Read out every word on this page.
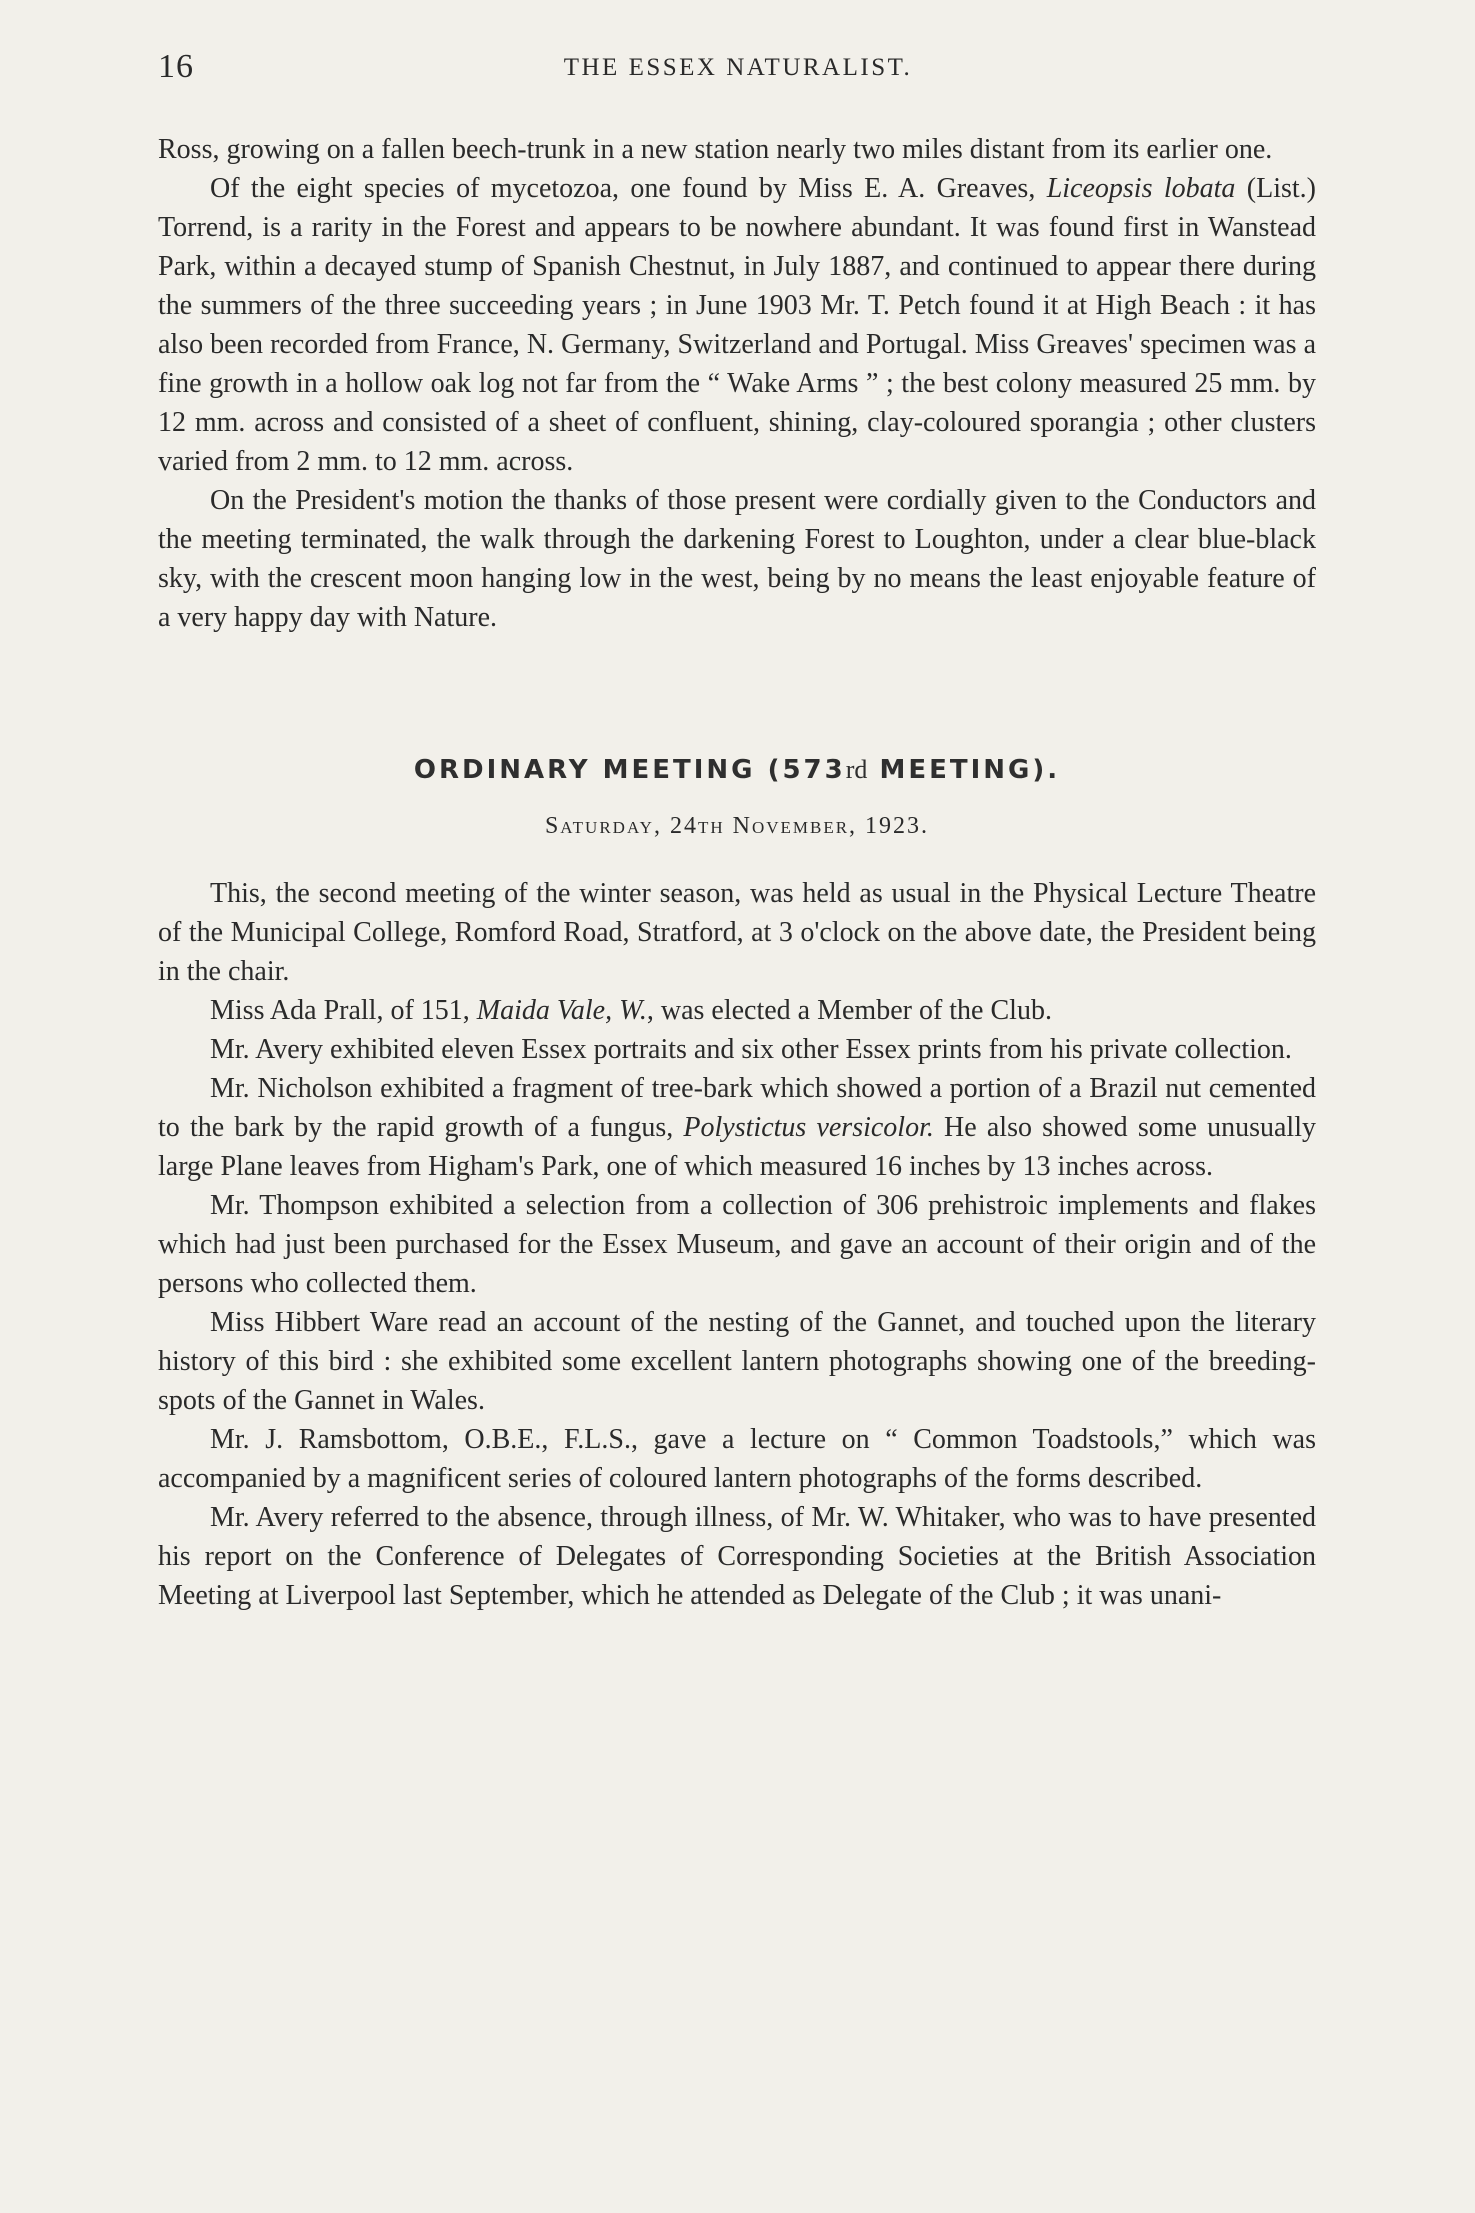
16	THE ESSEX NATURALIST.

Ross, growing on a fallen beech-trunk in a new station nearly two miles distant from its earlier one.

Of the eight species of mycetozoa, one found by Miss E. A. Greaves, Liceopsis lobata (List.) Torrend, is a rarity in the Forest and appears to be nowhere abundant. It was found first in Wanstead Park, within a decayed stump of Spanish Chestnut, in July 1887, and continued to appear there during the summers of the three succeeding years ; in June 1903 Mr. T. Petch found it at High Beach : it has also been recorded from France, N. Germany, Switzerland and Portugal. Miss Greaves' specimen was a fine growth in a hollow oak log not far from the “ Wake Arms ” ; the best colony measured 25 mm. by 12 mm. across and consisted of a sheet of confluent, shining, clay-coloured sporangia ; other clusters varied from 2 mm. to 12 mm. across.

On the President's motion the thanks of those present were cordially given to the Conductors and the meeting terminated, the walk through the darkening Forest to Loughton, under a clear blue-black sky, with the crescent moon hanging low in the west, being by no means the least enjoyable feature of a very happy day with Nature.

ORDINARY MEETING (573rd MEETING).
Saturday, 24th November, 1923.

This, the second meeting of the winter season, was held as usual in the Physical Lecture Theatre of the Municipal College, Romford Road, Stratford, at 3 o'clock on the above date, the President being in the chair.

Miss Ada Prall, of 151, Maida Vale, W., was elected a Member of the Club.

Mr. Avery exhibited eleven Essex portraits and six other Essex prints from his private collection.

Mr. Nicholson exhibited a fragment of tree-bark which showed a portion of a Brazil nut cemented to the bark by the rapid growth of a fungus, Polystictus versicolor. He also showed some unusually large Plane leaves from Higham's Park, one of which measured 16 inches by 13 inches across.

Mr. Thompson exhibited a selection from a collection of 306 prehistroic implements and flakes which had just been purchased for the Essex Museum, and gave an account of their origin and of the persons who collected them.

Miss Hibbert Ware read an account of the nesting of the Gannet, and touched upon the literary history of this bird : she exhibited some excellent lantern photographs showing one of the breeding-spots of the Gannet in Wales.

Mr. J. Ramsbottom, O.B.E., F.L.S., gave a lecture on “ Common Toadstools,” which was accompanied by a magnificent series of coloured lantern photographs of the forms described.

Mr. Avery referred to the absence, through illness, of Mr. W. Whitaker, who was to have presented his report on the Conference of Delegates of Corresponding Societies at the British Association Meeting at Liverpool last September, which he attended as Delegate of the Club ; it was unani-
